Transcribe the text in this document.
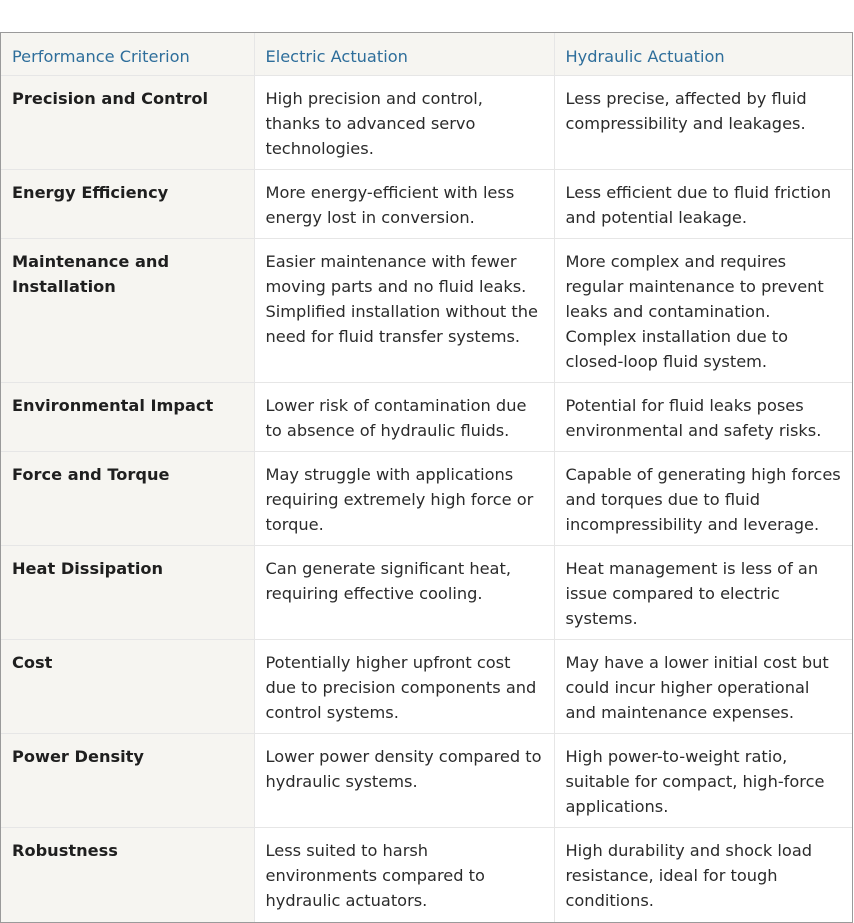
Performance Criterion	Electric Actuation	Hydraulic Actuation
Precision and Control	High precision and control, thanks to advanced servo technologies.	Less precise, affected by fluid compressibility and leakages.
Energy Efficiency	More energy-efficient with less energy lost in conversion.	Less efficient due to fluid friction and potential leakage.
Maintenance and Installation	Easier maintenance with fewer moving parts and no fluid leaks. Simplified installation without the need for fluid transfer systems.	More complex and requires regular maintenance to prevent leaks and contamination. Complex installation due to closed-loop fluid system.
Environmental Impact	Lower risk of contamination due to absence of hydraulic fluids.	Potential for fluid leaks poses environmental and safety risks.
Force and Torque	May struggle with applications requiring extremely high force or torque.	Capable of generating high forces and torques due to fluid incompressibility and leverage.
Heat Dissipation	Can generate significant heat, requiring effective cooling.	Heat management is less of an issue compared to electric systems.
Cost	Potentially higher upfront cost due to precision components and control systems.	May have a lower initial cost but could incur higher operational and maintenance expenses.
Power Density	Lower power density compared to hydraulic systems.	High power-to-weight ratio, suitable for compact, high-force applications.
Robustness	Less suited to harsh environments compared to hydraulic actuators.	High durability and shock load resistance, ideal for tough conditions.
